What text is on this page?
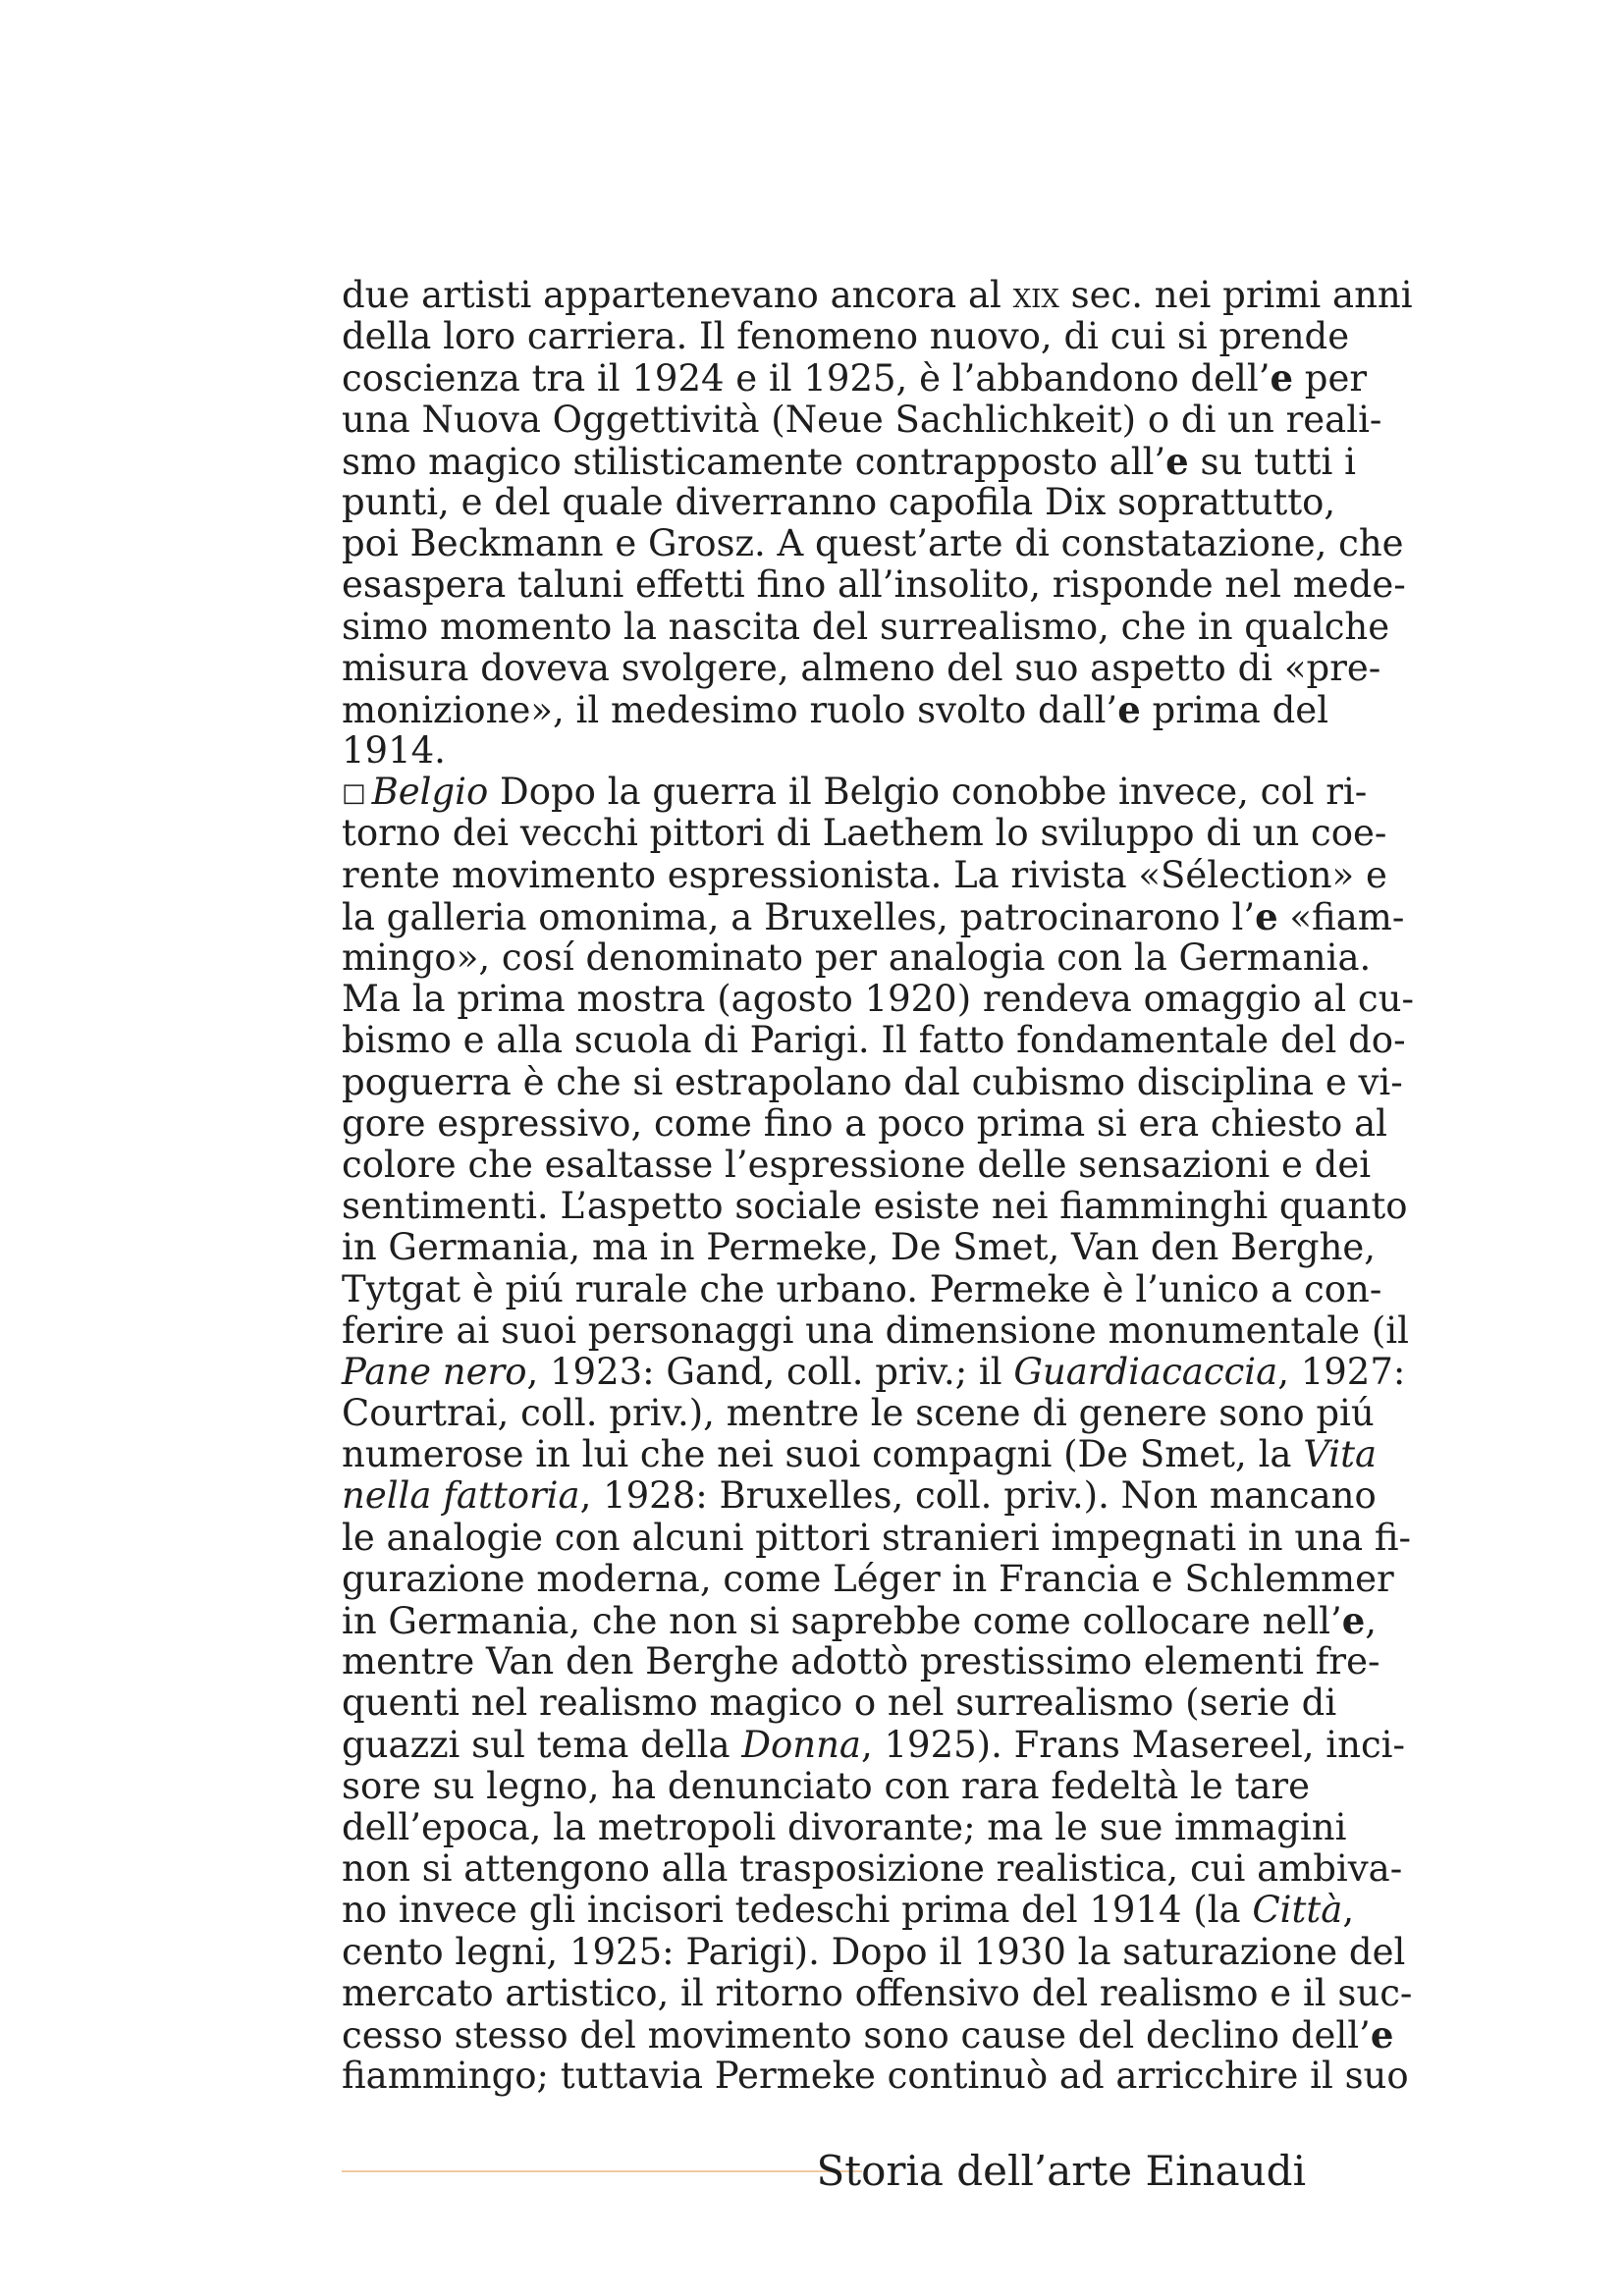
due artisti appartenevano ancora al xix sec. nei primi anni
della loro carriera. Il fenomeno nuovo, di cui si prende
coscienza tra il 1924 e il 1925, è l’abbandono dell’e per
una Nuova Oggettività (Neue Sachlichkeit) o di un reali-
smo magico stilisticamente contrapposto all’e su tutti i
punti, e del quale diverranno capofila Dix soprattutto,
poi Beckmann e Grosz. A quest’arte di constatazione, che
esaspera taluni effetti fino all’insolito, risponde nel mede-
simo momento la nascita del surrealismo, che in qualche
misura doveva svolgere, almeno del suo aspetto di «pre-
monizione», il medesimo ruolo svolto dall’e prima del
1914.
□ Belgio Dopo la guerra il Belgio conobbe invece, col ri-
torno dei vecchi pittori di Laethem lo sviluppo di un coe-
rente movimento espressionista. La rivista «Sélection» e
la galleria omonima, a Bruxelles, patrocinarono l’e «fiam-
mingo», cosí denominato per analogia con la Germania.
Ma la prima mostra (agosto 1920) rendeva omaggio al cu-
bismo e alla scuola di Parigi. Il fatto fondamentale del do-
poguerra è che si estrapolano dal cubismo disciplina e vi-
gore espressivo, come fino a poco prima si era chiesto al
colore che esaltasse l’espressione delle sensazioni e dei
sentimenti. L’aspetto sociale esiste nei fiamminghi quanto
in Germania, ma in Permeke, De Smet, Van den Berghe,
Tytgat è piú rurale che urbano. Permeke è l’unico a con-
ferire ai suoi personaggi una dimensione monumentale (il
Pane nero, 1923: Gand, coll. priv.; il Guardiacaccia, 1927:
Courtrai, coll. priv.), mentre le scene di genere sono piú
numerose in lui che nei suoi compagni (De Smet, la Vita
nella fattoria, 1928: Bruxelles, coll. priv.). Non mancano
le analogie con alcuni pittori stranieri impegnati in una fi-
gurazione moderna, come Léger in Francia e Schlemmer
in Germania, che non si saprebbe come collocare nell’e,
mentre Van den Berghe adottò prestissimo elementi fre-
quenti nel realismo magico o nel surrealismo (serie di
guazzi sul tema della Donna, 1925). Frans Masereel, inci-
sore su legno, ha denunciato con rara fedeltà le tare
dell’epoca, la metropoli divorante; ma le sue immagini
non si attengono alla trasposizione realistica, cui ambiva-
no invece gli incisori tedeschi prima del 1914 (la Città,
cento legni, 1925: Parigi). Dopo il 1930 la saturazione del
mercato artistico, il ritorno offensivo del realismo e il suc-
cesso stesso del movimento sono cause del declino dell’e
fiammingo; tuttavia Permeke continuò ad arricchire il suo
Storia dell’arte Einaudi
